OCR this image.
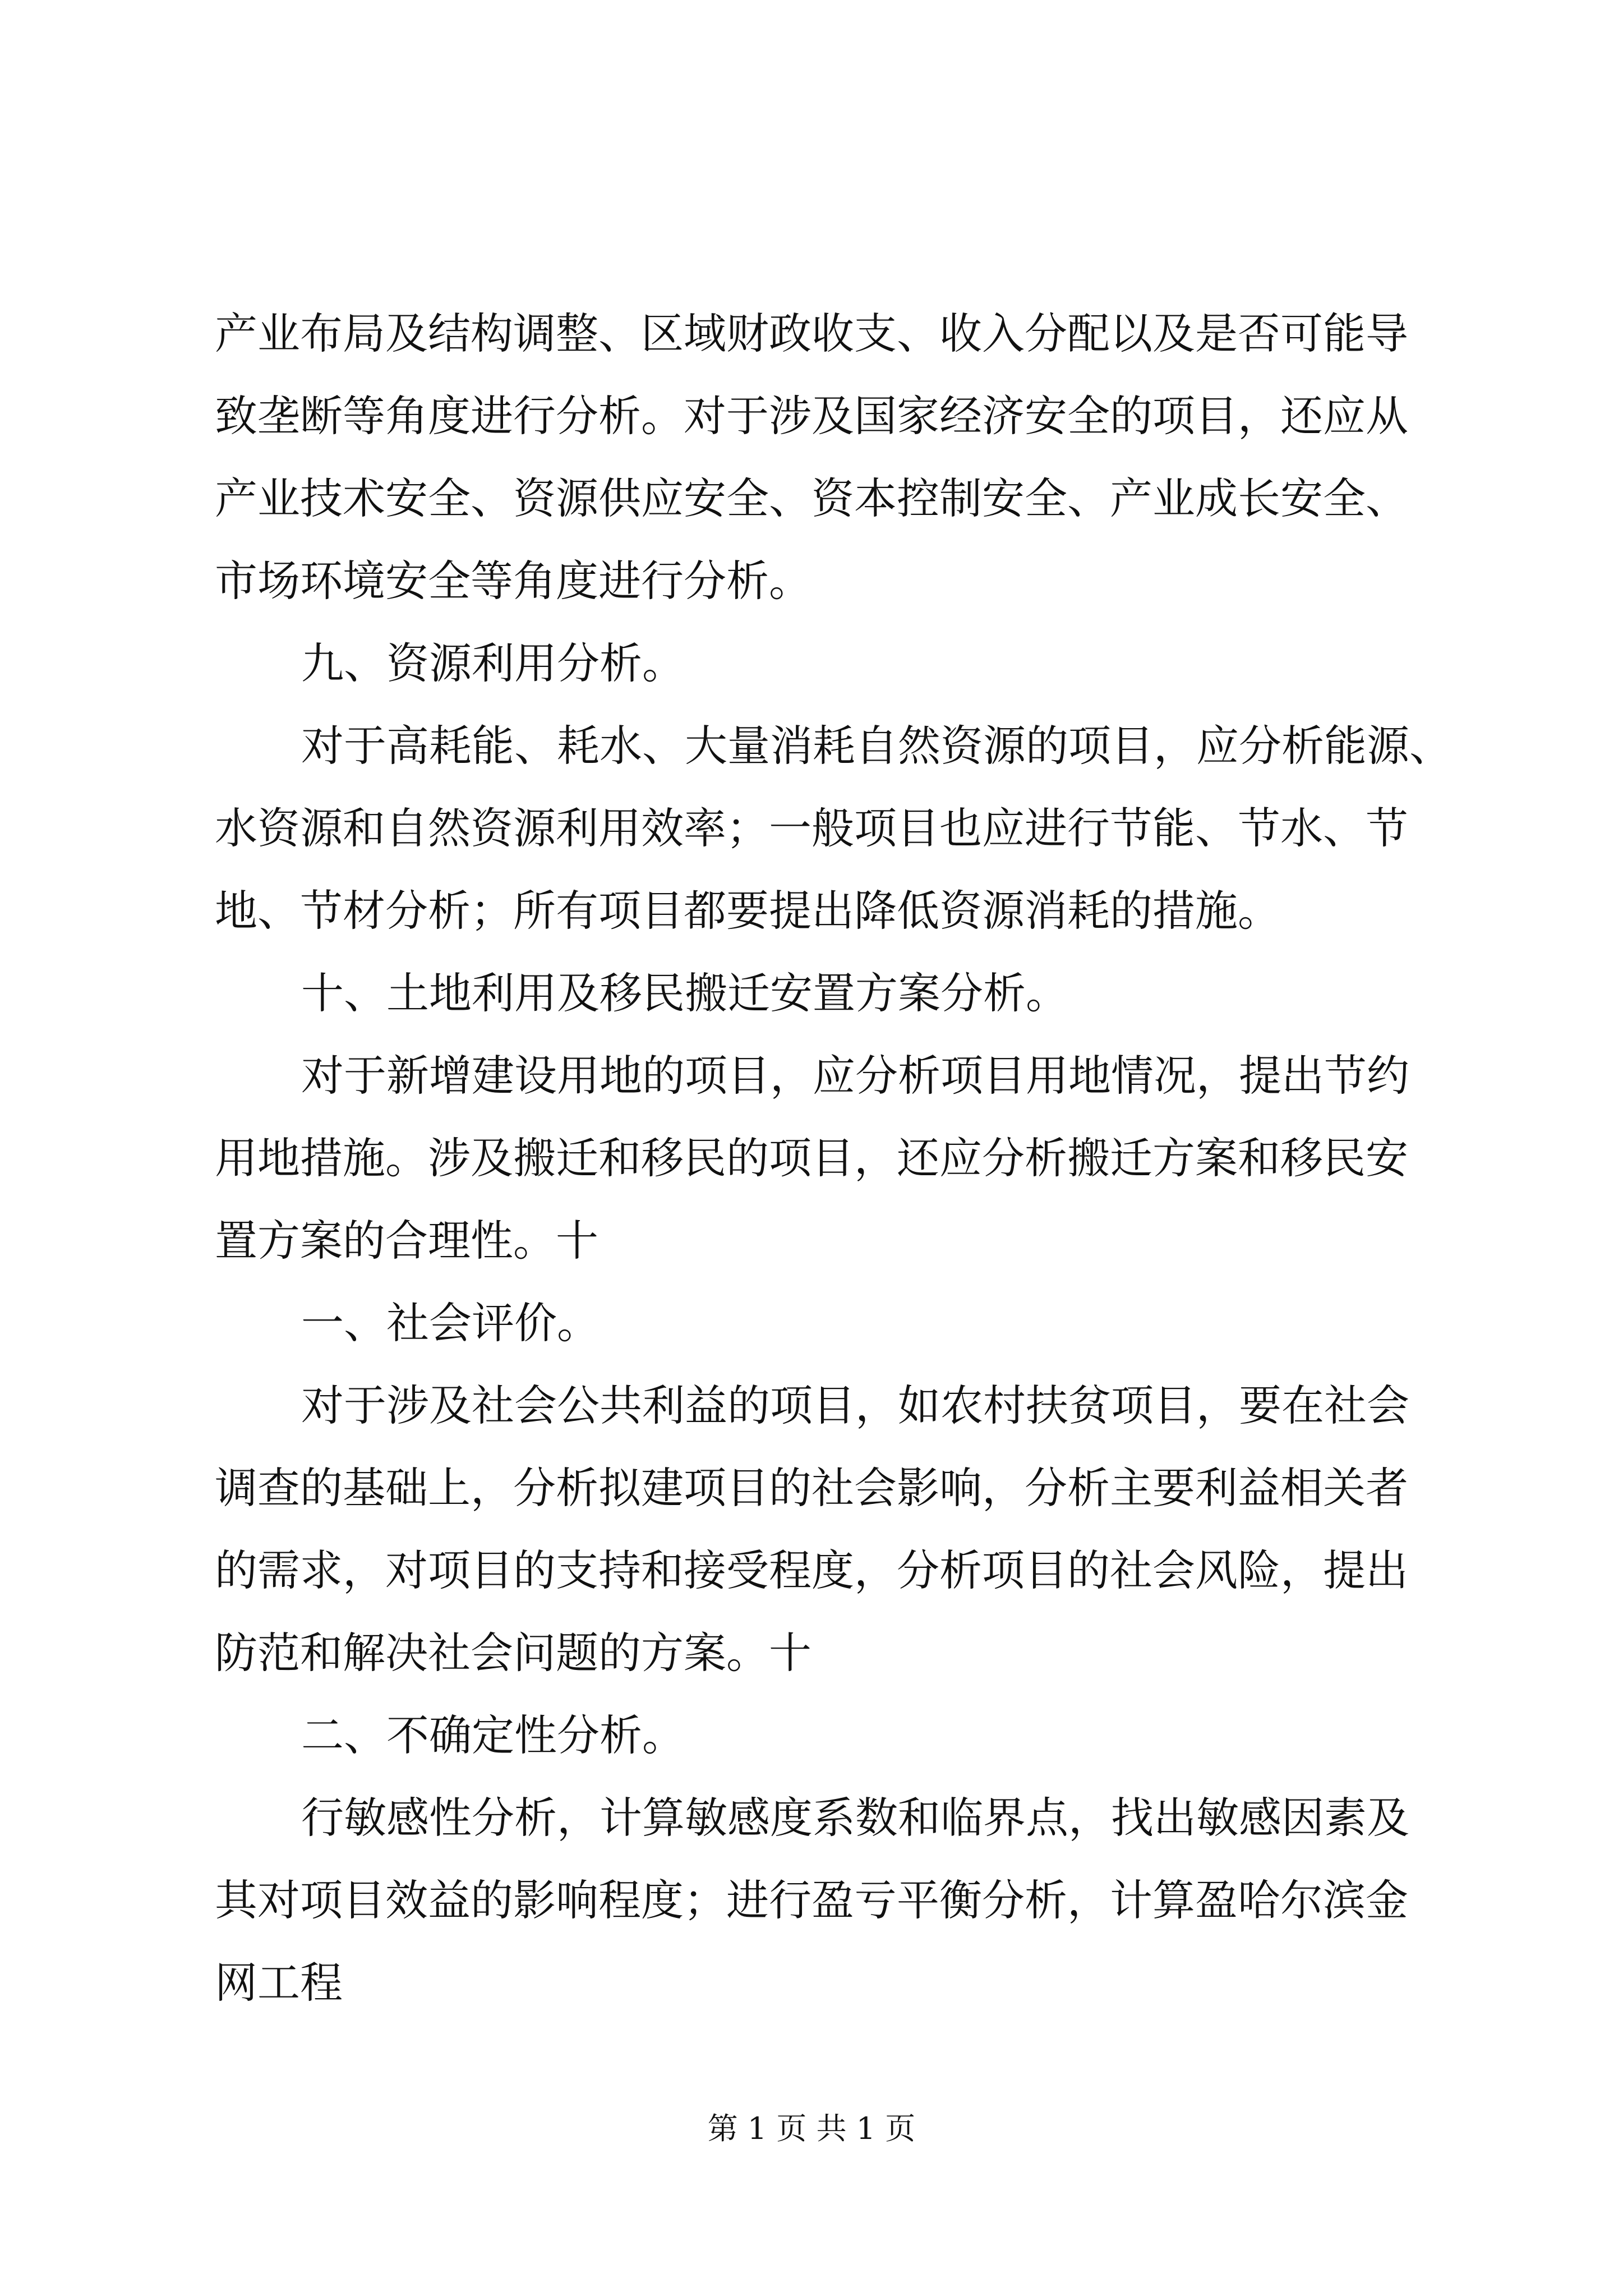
产业布局及结构调整、区域财政收支、收入分配以及是否可能导
致垄断等角度进行分析。对于涉及国家经济安全的项目，还应从
产业技术安全、资源供应安全、资本控制安全、产业成长安全、
市场环境安全等角度进行分析。
九、资源利用分析。
对于高耗能、耗水、大量消耗自然资源的项目，应分析能源、
水资源和自然资源利用效率；一般项目也应进行节能、节水、节
地、节材分析；所有项目都要提出降低资源消耗的措施。
十、土地利用及移民搬迁安置方案分析。
对于新增建设用地的项目，应分析项目用地情况，提出节约
用地措施。涉及搬迁和移民的项目，还应分析搬迁方案和移民安
置方案的合理性。十
一、社会评价。
对于涉及社会公共利益的项目，如农村扶贫项目，要在社会
调查的基础上，分析拟建项目的社会影响，分析主要利益相关者
的需求，对项目的支持和接受程度，分析项目的社会风险，提出
防范和解决社会问题的方案。十
二、不确定性分析。
行敏感性分析，计算敏感度系数和临界点，找出敏感因素及
其对项目效益的影响程度；进行盈亏平衡分析，计算盈哈尔滨金
网工程
第 1 页 共 1 页
